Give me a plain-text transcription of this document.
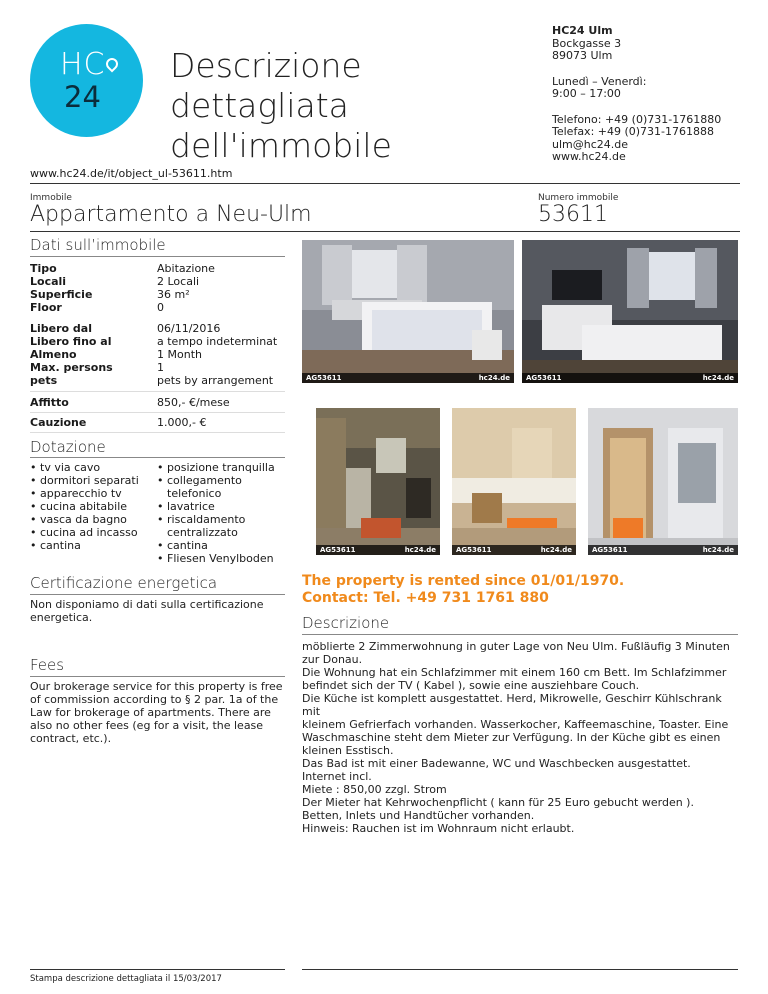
HC
24
Descrizione dettagliata dell'immobile
HC24 Ulm
Bockgasse 3
89073 Ulm
Lunedì – Venerdì:
9:00 – 17:00
Telefono: +49 (0)731-1761880
Telefax: +49 (0)731-1761888
ulm@hc24.de
www.hc24.de
www.hc24.de/it/object_ul-53611.htm
Immobile
Appartamento a Neu-Ulm
Numero immobile
53611
Dati sull’immobile
Tipo	Abitazione
Locali	2 Locali
Superficie	36 m²
Floor	0
Libero dal	06/11/2016
Libero fino al	a tempo indeterminat
Almeno	1 Month
Max. persons	1
pets	pets by arrangement
Affitto	850,- €/mese
Cauzione	1.000,- €
Dotazione
• tv via cavo
• dormitori separati
• apparecchio tv
• cucina abitabile
• vasca da bagno
• cucina ad incasso
• cantina
• posizione tranquilla
• collegamento
telefonico
• lavatrice
• riscaldamento
centralizzato
• cantina
• Fliesen Venylboden
AG53611	hc24.de AG53611	hc24.de
AG53611	hc24.de	AG53611	hc24.de	AG53611	hc24.de
Certificazione energetica
Non disponiamo di dati sulla certificazione
energetica.
Fees
Our brokerage service for this property is free
of commission according to § 2 par. 1a of the
Law for brokerage of apartments. There are
also no other fees (eg for a visit, the lease
contract, etc.).
The property is rented since 01/01/1970.
Contact: Tel. +49 731 1761 880
Descrizione
möblierte 2 Zimmerwohnung in guter Lage von Neu Ulm. Fußläufig 3 Minuten
zur Donau.
Die Wohnung hat ein Schlafzimmer mit einem 160 cm Bett. Im Schlafzimmer
befindet sich der TV ( Kabel ), sowie eine ausziehbare Couch.
Die Küche ist komplett ausgestattet. Herd, Mikrowelle, Geschirr Kühlschrank mit
kleinem Gefrierfach vorhanden. Wasserkocher, Kaffeemaschine, Toaster. Eine
Waschmaschine steht dem Mieter zur Verfügung. In der Küche gibt es einen
kleinen Esstisch.
Das Bad ist mit einer Badewanne, WC und Waschbecken ausgestattet.
Internet incl.
Miete : 850,00 zzgl. Strom
Der Mieter hat Kehrwochenpflicht ( kann für 25 Euro gebucht werden ).
Betten, Inlets und Handtücher vorhanden.
Hinweis: Rauchen ist im Wohnraum nicht erlaubt.
Stampa descrizione dettagliata il 15/03/2017
